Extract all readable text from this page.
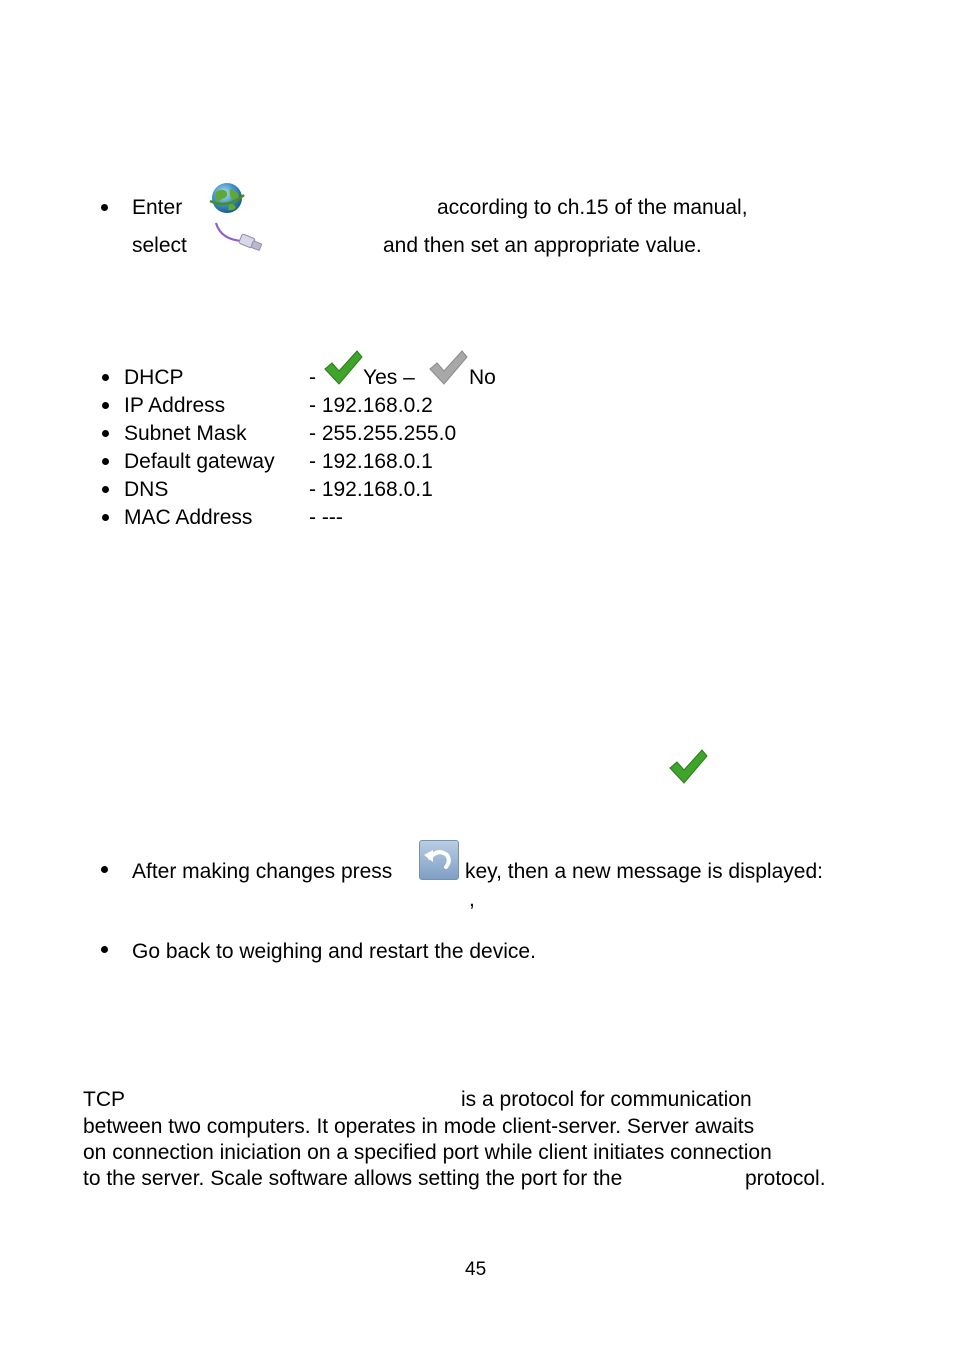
Enter	according to ch.15 of the manual,
select	and then set an appropriate value.
DHCP	- Yes –	No
IP Address	- 192.168.0.2
Subnet Mask	- 255.255.255.0
Default gateway - 192.168.0.1
DNS	- 192.168.0.1
MAC Address	- ---
After making changes press	key, then a new message is displayed:
,
Go back to weighing and restart the device.
TCP	is a protocol for communication
between two computers. It operates in mode client-server. Server awaits
on connection iniciation on a specified port while client initiates connection
to the server. Scale software allows setting the port for the	protocol.
45
